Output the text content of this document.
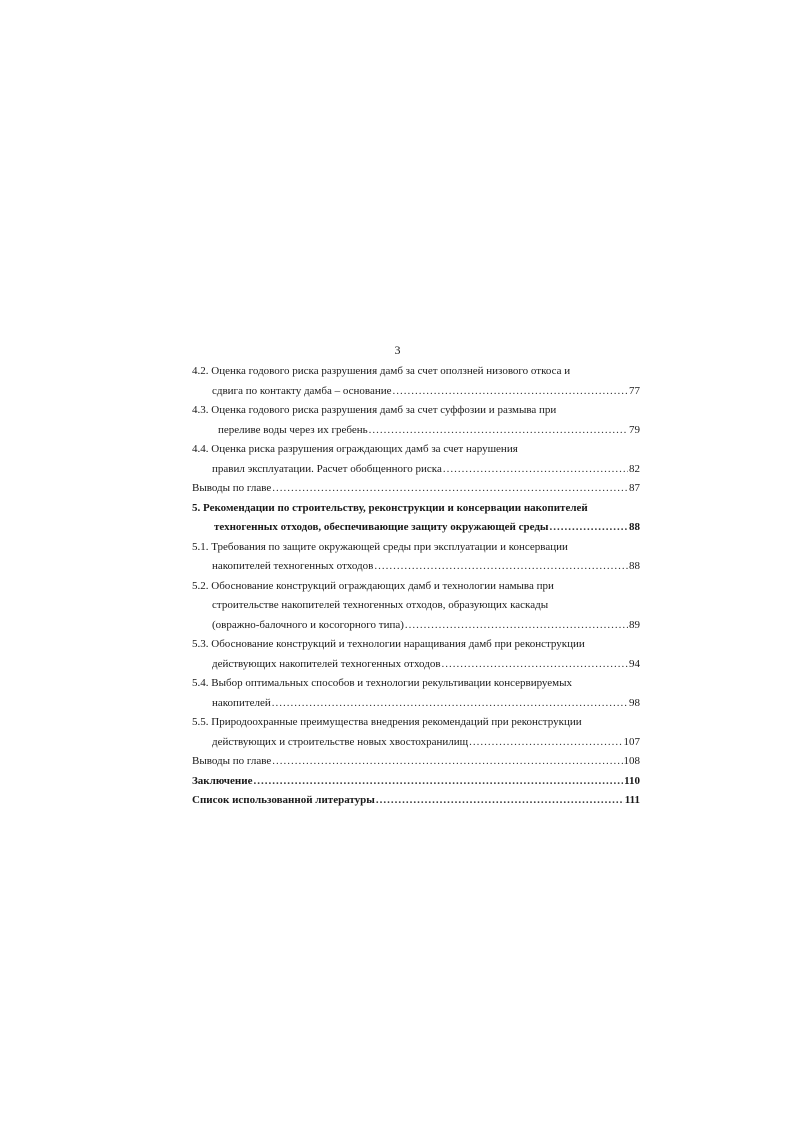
3
4.2. Оценка годового риска разрушения дамб за счет оползней низового откоса и
сдвига по контакту дамба – основание .....	77
4.3. Оценка годового риска разрушения дамб за счет суффозии и размыва при
переливе воды через их гребень .....	79
4.4. Оценка риска разрушения ограждающих дамб за счет нарушения
правил эксплуатации. Расчет обобщенного риска .....	82
Выводы по главе .....	87
5. Рекомендации по строительству, реконструкции и консервации накопителей
техногенных отходов, обеспечивающие защиту окружающей среды .....	88
5.1. Требования по защите окружающей среды при эксплуатации и консервации
накопителей техногенных отходов .....	88
5.2. Обоснование конструкций ограждающих дамб и технологии намыва при
строительстве накопителей техногенных отходов, образующих каскады
(овражно-балочного и косогорного типа) .....	89
5.3. Обоснование конструкций и технологии наращивания дамб при реконструкции
действующих накопителей техногенных отходов .....	94
5.4. Выбор оптимальных способов и технологии рекультивации консервируемых
накопителей .....	98
5.5. Природоохранные преимущества внедрения рекомендаций при реконструкции
действующих и строительстве новых хвостохранилищ .....	107
Выводы по главе .....	108
Заключение .....	110
Список использованной литературы .....	111
